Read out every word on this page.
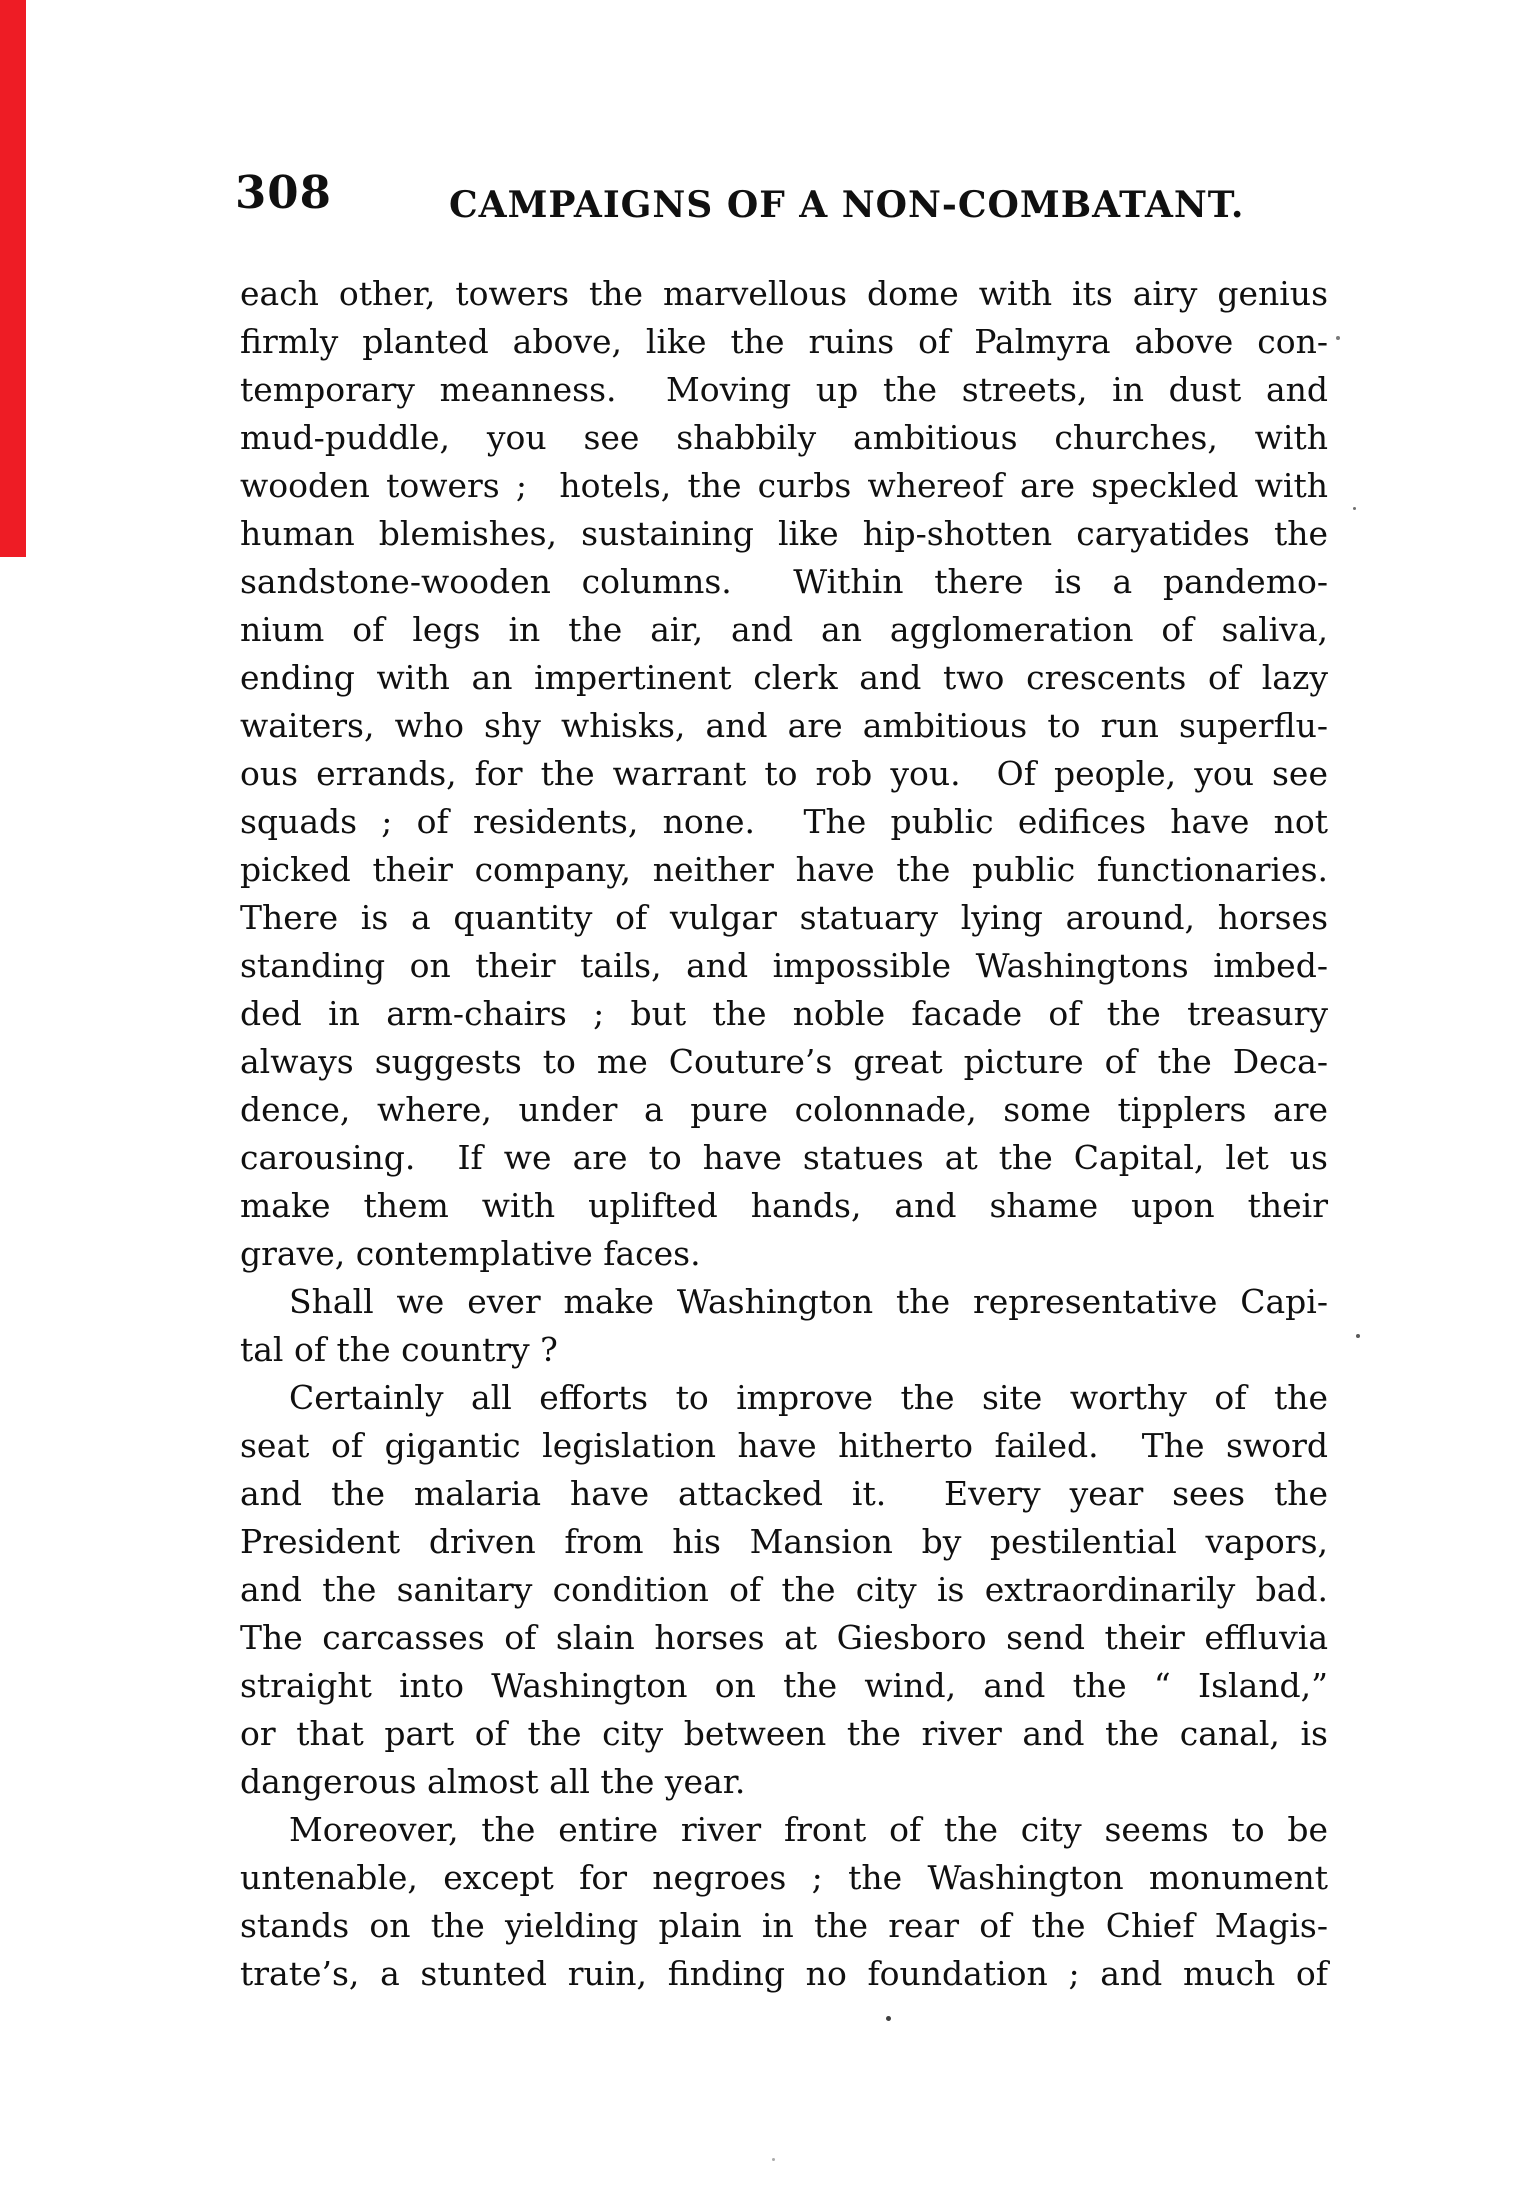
308	CAMPAIGNS OF A NON-COMBATANT.
each other, towers the marvellous dome with its airy genius
firmly planted above, like the ruins of Palmyra above con-
temporary meanness.  Moving up the streets, in dust and
mud-puddle, you see shabbily ambitious churches, with
wooden towers ;  hotels, the curbs whereof are speckled with
human blemishes, sustaining like hip-shotten caryatides the
sandstone-wooden columns.  Within there is a pandemo-
nium of legs in the air, and an agglomeration of saliva,
ending with an impertinent clerk and two crescents of lazy
waiters, who shy whisks, and are ambitious to run superflu-
ous errands, for the warrant to rob you.  Of people, you see
squads ; of residents, none.  The public edifices have not
picked their company, neither have the public functionaries.
There is a quantity of vulgar statuary lying around, horses
standing on their tails, and impossible Washingtons imbed-
ded in arm-chairs ; but the noble facade of the treasury
always suggests to me Couture’s great picture of the Deca-
dence, where, under a pure colonnade, some tipplers are
carousing.  If we are to have statues at the Capital, let us
make them with uplifted hands, and shame upon their
grave, contemplative faces.
Shall we ever make Washington the representative Capi-
tal of the country ?
Certainly all efforts to improve the site worthy of the
seat of gigantic legislation have hitherto failed.  The sword
and the malaria have attacked it.  Every year sees the
President driven from his Mansion by pestilential vapors,
and the sanitary condition of the city is extraordinarily bad.
The carcasses of slain horses at Giesboro send their effluvia
straight into Washington on the wind, and the “ Island,”
or that part of the city between the river and the canal, is
dangerous almost all the year.
Moreover, the entire river front of the city seems to be
untenable, except for negroes ; the Washington monument
stands on the yielding plain in the rear of the Chief Magis-
trate’s, a stunted ruin, finding no foundation ; and much of
